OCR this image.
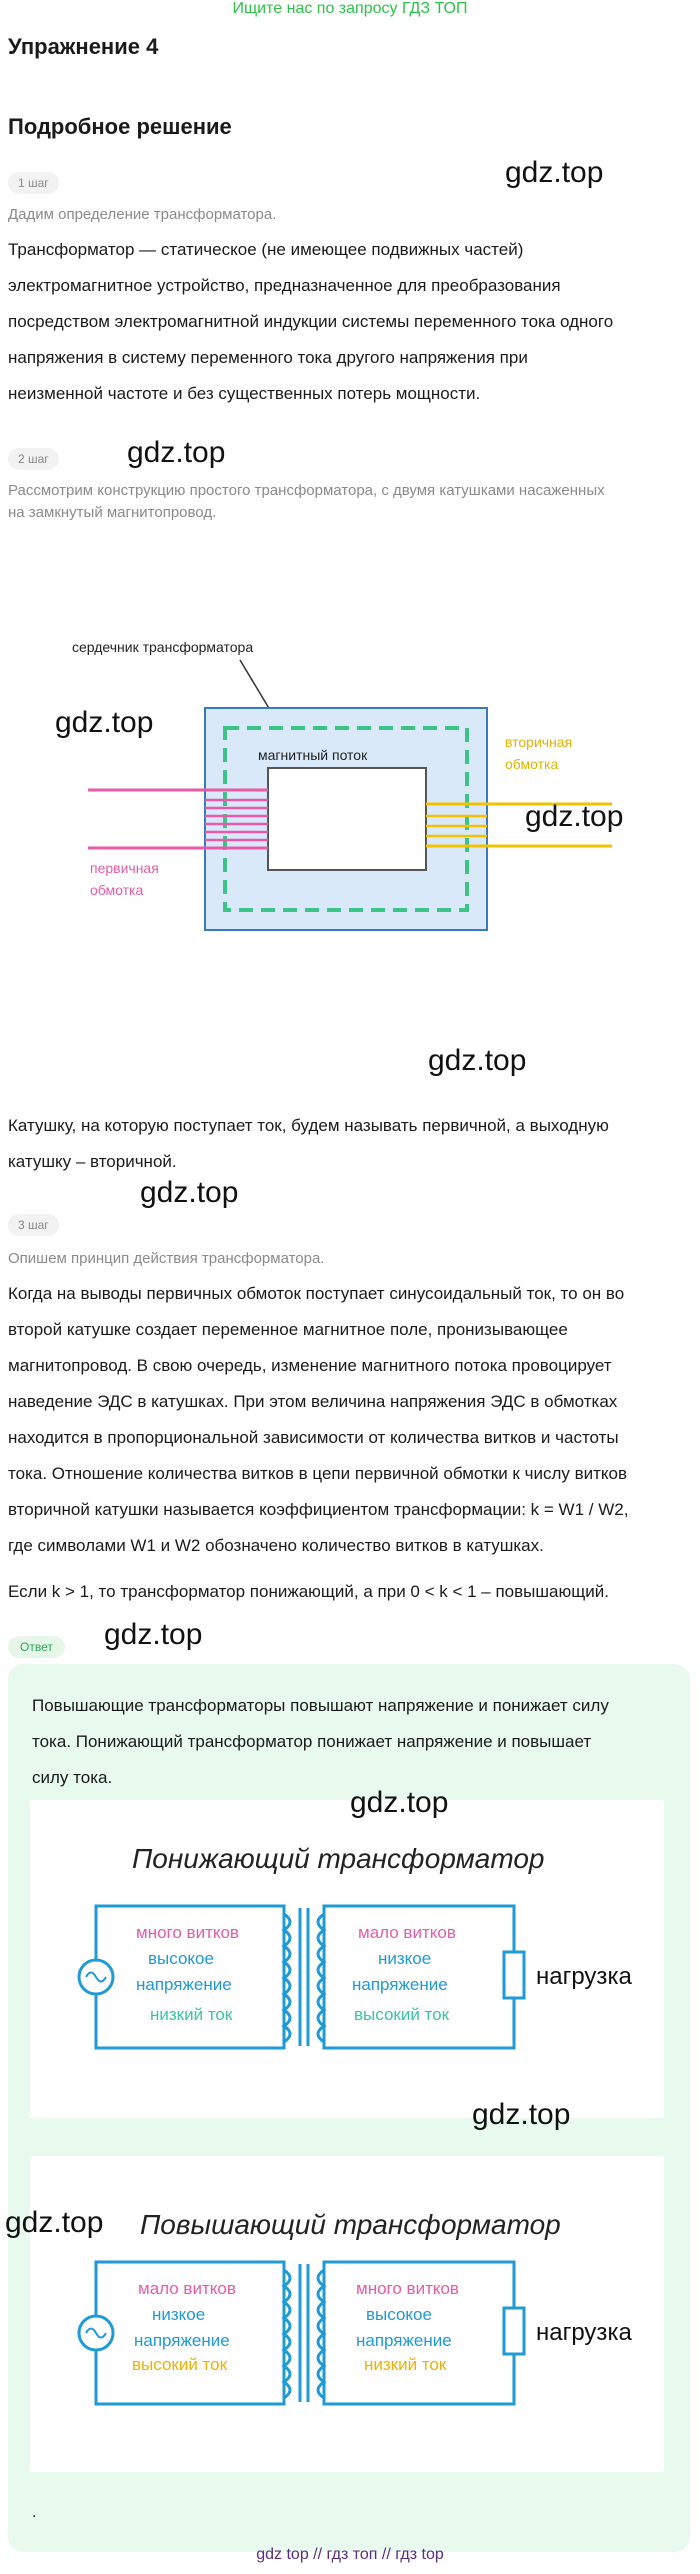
Ищите нас по запросу ГДЗ ТОП
Упражнение 4
Подробное решение
1 шаг
Дадим определение трансформатора.
Трансформатор — статическое (не имеющее подвижных частей)
электромагнитное устройство, предназначенное для преобразования
посредством электромагнитной индукции системы переменного тока одного
напряжения в систему переменного тока другого напряжения при
неизменной частоте и без существенных потерь мощности.
gdz.top
2 шаг	gdz.top
Рассмотрим конструкцию простого трансформатора, с двумя катушками насаженных
на замкнутый магнитопровод.
сердечник трансформатора
магнитный поток
вторичная
обмотка
первичная
обмотка
gdz.top
gdz.top
gdz.top
Катушку, на которую поступает ток, будем называть первичной, а выходную
катушку – вторичной.
gdz.top
3 шаг
Опишем принцип действия трансформатора.
Когда на выводы первичных обмоток поступает синусоидальный ток, то он во
второй катушке создает переменное магнитное поле, пронизывающее
магнитопровод. В свою очередь, изменение магнитного потока провоцирует
наведение ЭДС в катушках. При этом величина напряжения ЭДС в обмотках
находится в пропорциональной зависимости от количества витков и частоты
тока. Отношение количества витков в цепи первичной обмотки к числу витков
вторичной катушки называется коэффициентом трансформации: k = W1 / W2,
где символами W1 и W2 обозначено количество витков в катушках.
Если k > 1, то трансформатор понижающий, а при 0 < k < 1 – повышающий.
Ответ	gdz.top
Повышающие трансформаторы повышают напряжение и понижает силу
тока. Понижающий трансформатор понижает напряжение и повышает
силу тока.
gdz.top
Понижающий трансформатор
много витков
высокое
напряжение
низкий ток
мало витков
низкое
напряжение
высокий ток
нагрузка
gdz.top
gdz.top Повышающий трансформатор
мало витков
низкое
напряжение
высокий ток
много витков
высокое
напряжение
низкий ток
нагрузка
.
gdz top // гдз топ // гдз top
